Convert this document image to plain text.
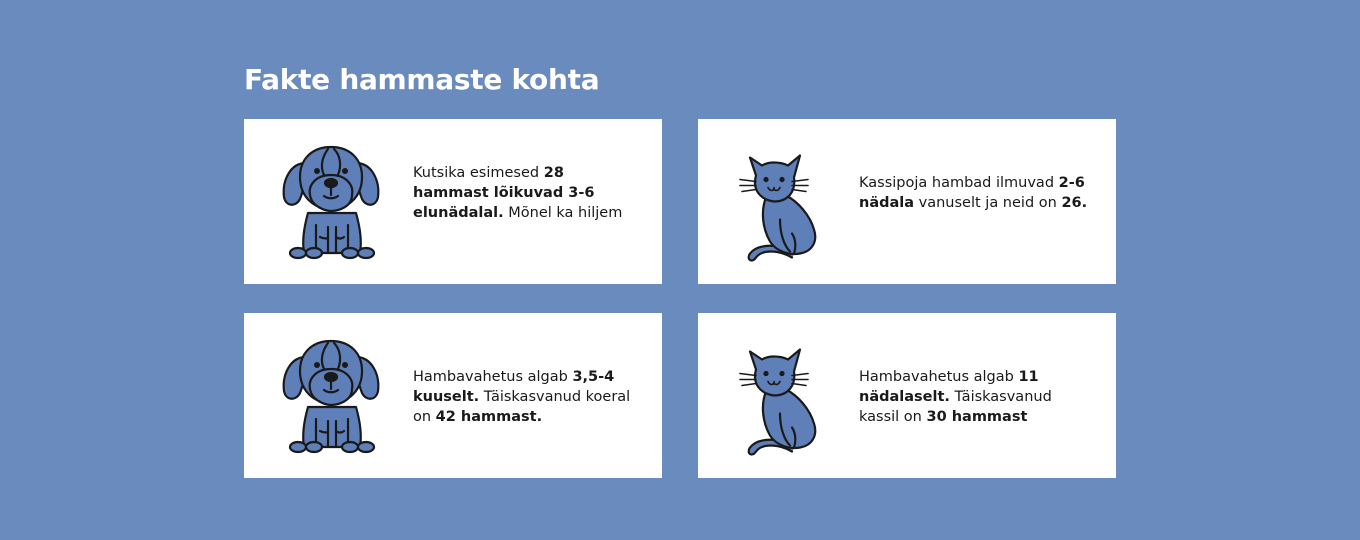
Fakte hammaste kohta

Kutsika esimesed 28 hammast lõikuvad 3-6 elunädalal. Mõnel ka hiljem

Kassipoja hambad ilmuvad 2-6 nädala vanuselt ja neid on 26.

Hambavahetus algab 3,5-4 kuuselt. Täiskasvanud koeral on 42 hammast.

Hambavahetus algab 11 nädalaselt. Täiskasvanud kassil on 30 hammast
